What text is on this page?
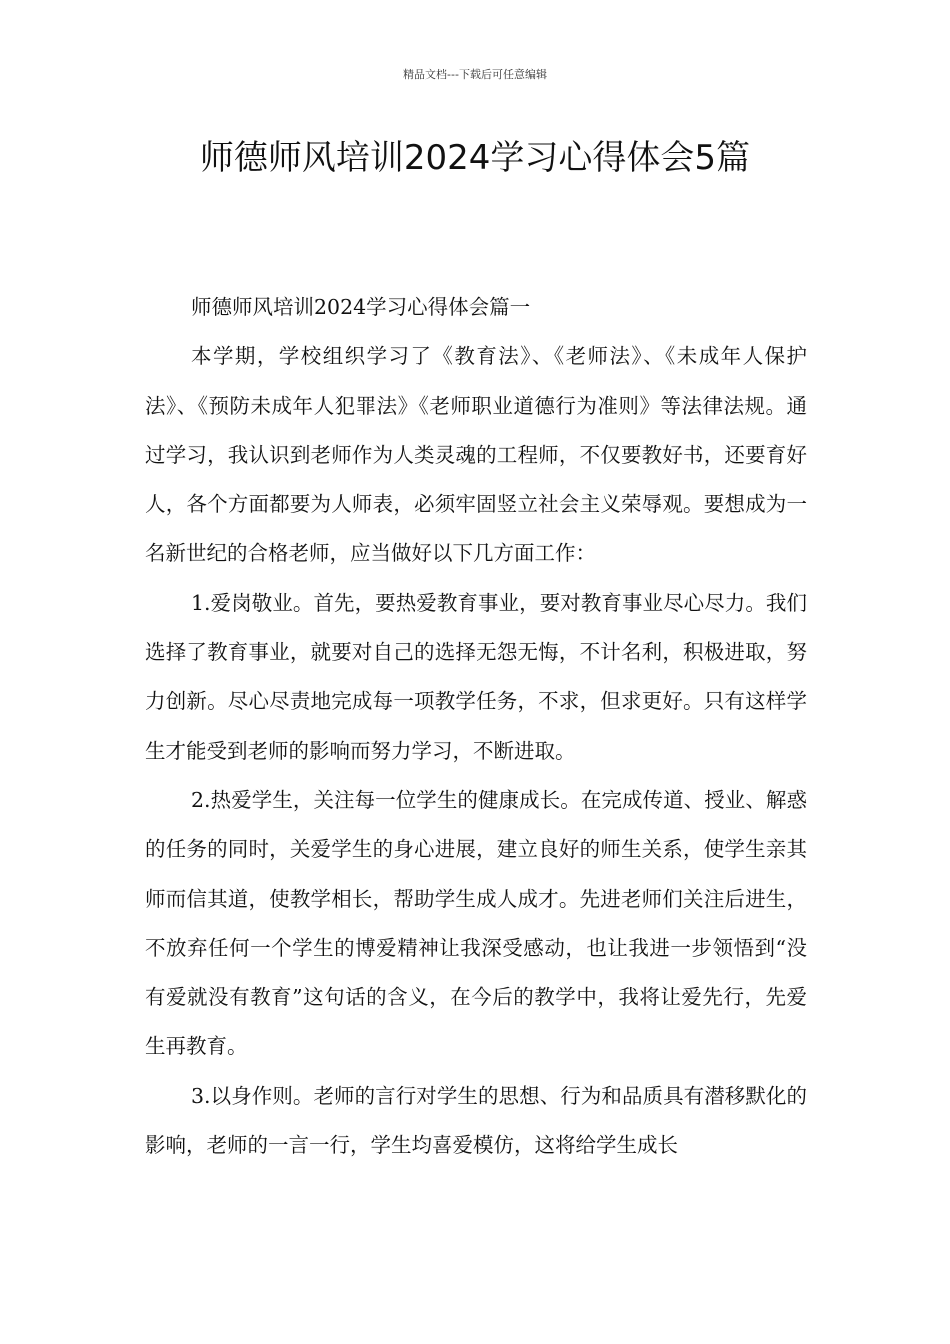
精品文档---下载后可任意编辑
师德师风培训2024学习心得体会5篇

师德师风培训2024学习心得体会篇一

本学期，学校组织学习了《教育法》、《老师法》、《未成年人保护法》、《预防未成年人犯罪法》《老师职业道德行为准则》等法律法规。通过学习，我认识到老师作为人类灵魂的工程师，不仅要教好书，还要育好人，各个方面都要为人师表，必须牢固竖立社会主义荣辱观。要想成为一名新世纪的合格老师，应当做好以下几方面工作：

1.爱岗敬业。首先，要热爱教育事业，要对教育事业尽心尽力。我们选择了教育事业，就要对自己的选择无怨无悔，不计名利，积极进取，努力创新。尽心尽责地完成每一项教学任务，不求，但求更好。只有这样学生才能受到老师的影响而努力学习，不断进取。

2.热爱学生，关注每一位学生的健康成长。在完成传道、授业、解惑的任务的同时，关爱学生的身心进展，建立良好的师生关系，使学生亲其师而信其道，使教学相长，帮助学生成人成才。先进老师们关注后进生，不放弃任何一个学生的博爱精神让我深受感动，也让我进一步领悟到“没有爱就没有教育”这句话的含义，在今后的教学中，我将让爱先行，先爱生再教育。

3.以身作则。老师的言行对学生的思想、行为和品质具有潜移默化的影响，老师的一言一行，学生均喜爱模仿，这将给学生成长
